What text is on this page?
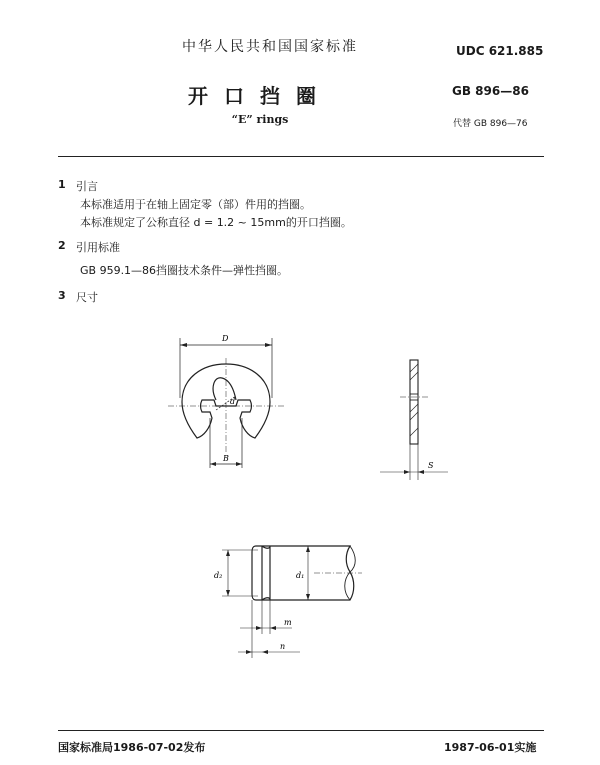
中华人民共和国国家标准	UDC 621.885
开口挡圈	GB 896—86
“E” rings	代替 GB 896—76
1 引言
本标准适用于在轴上固定零（部）件用的挡圈。
本标准规定了公称直径 d = 1.2 ~ 15mm的开口挡圈。
2 引用标准
GB 959.1—86挡圈技术条件—弹性挡圈。
3 尺寸
D
d
B
S
d₂	d₁
m
n
国家标准局1986-07-02发布	1987-06-01实施
